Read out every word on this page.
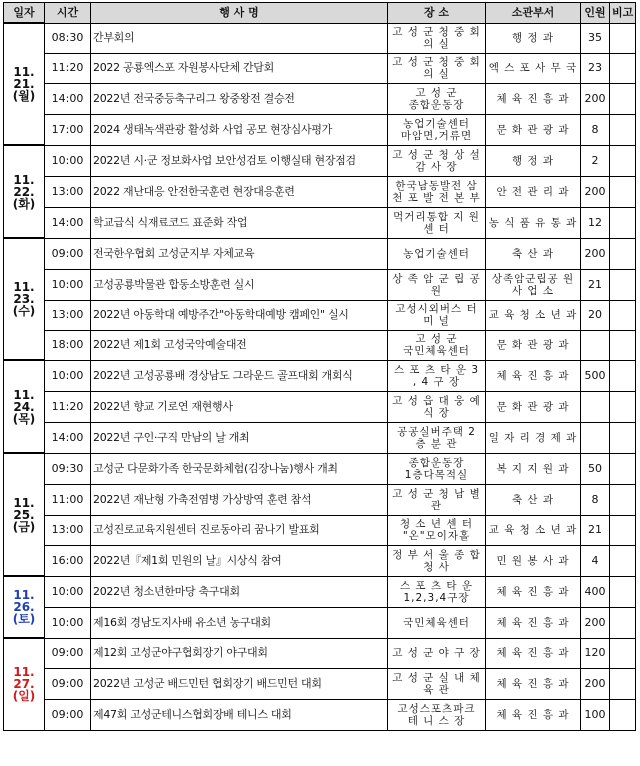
일자	시간	행 사 명	장 소	소관부서	인원	비고

11. 21.
(월)	08:30	간부회의	고 성 군 청 중 회 의 실	행 정 과	35	
	11:20	2022 공룡엑스포 자원봉사단체 간담회	고 성 군 청 중 회 의 실	엑 스 포 사 무 국	23	
	14:00	2022년 전국중등축구리그 왕중왕전 결승전	고 성 군 종합운동장	체 육 진 흥 과	200	
	17:00	2024 생태녹색관광 활성화 사업 공모 현장심사평가	농업기술센터 마암면,거류면	문 화 관 광 과	8	

11. 22.
(화)	10:00	2022년 시·군 정보화사업 보안성검토 이행실태 현장점검	고 성 군 청 상 설 감 사 장	행 정 과	2	
	13:00	2022 재난대응 안전한국훈련 현장대응훈련	한국남동발전 삼 천 포 발 전 본 부	안 전 관 리 과	200	
	14:00	학교급식 식재료코드 표준화 작업	먹거리통합 지 원 센 터	농 식 품 유 통 과	12	

11. 23.
(수)	09:00	전국한우협회 고성군지부 자체교육	농업기술센터	축 산 과	200	
	10:00	고성공룡박물관 합동소방훈련 실시	상 족 암 군 립 공 원	상족암군립공 원 사 업 소	21	
	13:00	2022년 아동학대 예방주간"아동학대예방 캠페인" 실시	고성시외버스 터 미 널	교 육 청 소 년 과	20	
	18:00	2022년 제1회 고성국악예술대전	고 성 군 국민체육센터	문 화 관 광 과		

11. 24.
(목)	10:00	2022년 고성공룡배 경상남도 그라운드 골프대회 개회식	스 포 츠 타 운 3 , 4 구 장	체 육 진 흥 과	500	
	11:20	2022년 향교 기로연 재현행사	고 성 읍 대 웅 예 식 장	문 화 관 광 과		
	14:00	2022년 구인·구직 만남의 날 개최	공공실버주택 2 층 분 관	일 자 리 경 제 과		

11. 25.
(금)	09:30	고성군 다문화가족 한국문화체험(김장나눔)행사 개최	종합운동장 1층다목적실	복 지 지 원 과	50	
	11:00	2022년 재난형 가축전염병 가상방역 훈련 참석	고 성 군 청 남 별 관	축 산 과	8	
	13:00	고성진로교육지원센터 진로동아리 꿈나기 발표회	청 소 년 센 터 "온"모이자홀	교 육 청 소 년 과	21	
	16:00	2022년『제1회 민원의 날』시상식 참여	정 부 서 울 종 합 청 사	민 원 봉 사 과	4	

11. 26.
(토)	10:00	2022년 청소년한마당 축구대회	스 포 츠 타 운 1,2,3,4구장	체 육 진 흥 과	400	
	10:00	제16회 경남도지사배 유소년 농구대회	국민체육센터	체 육 진 흥 과	200	

11. 27.
(일)	09:00	제12회 고성군야구협회장기 야구대회	고 성 군 야 구 장	체 육 진 흥 과	120	
	09:00	2022년 고성군 배드민턴 협회장기 배드민턴 대회	고 성 군 실 내 체 육 관	체 육 진 흥 과	200	
	09:00	제47회 고성군테니스협회장배 테니스 대회	고성스포츠파크 테 니 스 장	체 육 진 흥 과	100	
